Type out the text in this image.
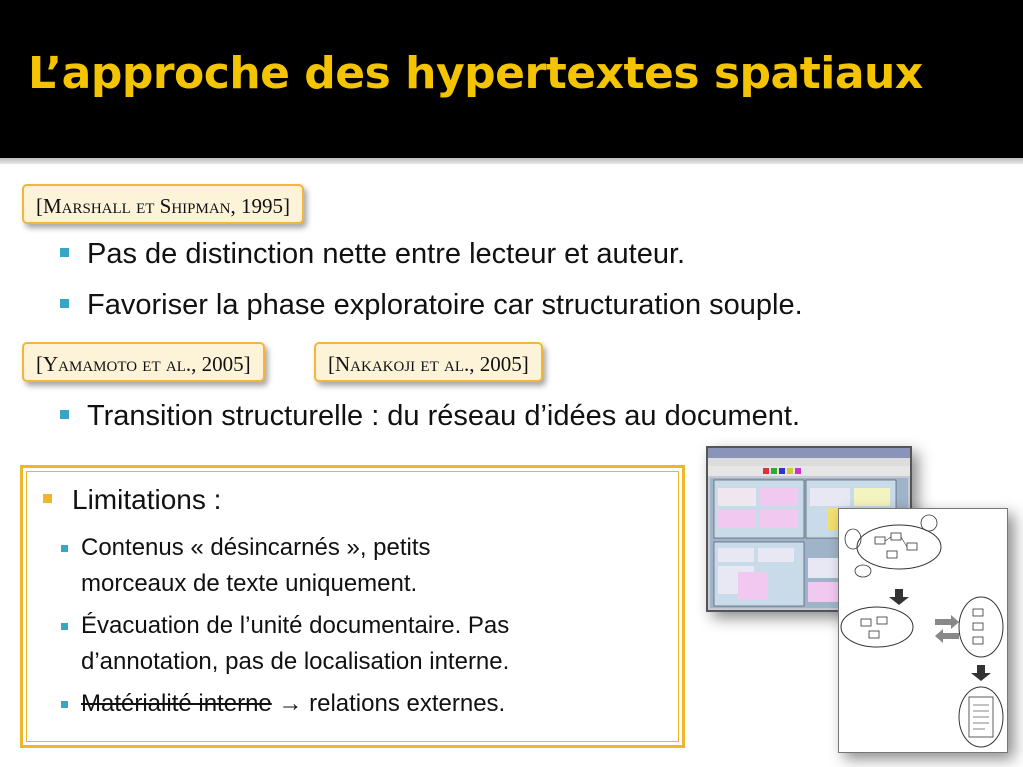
L’approche des hypertextes spatiaux
[Marshall et Shipman, 1995]
Pas de distinction nette entre lecteur et auteur.
Favoriser la phase exploratoire car structuration souple.
[Yamamoto et al., 2005]	[Nakakoji et al., 2005]
Transition structurelle : du réseau d’idées au document.
Limitations :
Contenus « désincarnés », petits
morceaux de texte uniquement.
Évacuation de l’unité documentaire. Pas
d’annotation, pas de localisation interne.
Matérialité interne → relations externes.
